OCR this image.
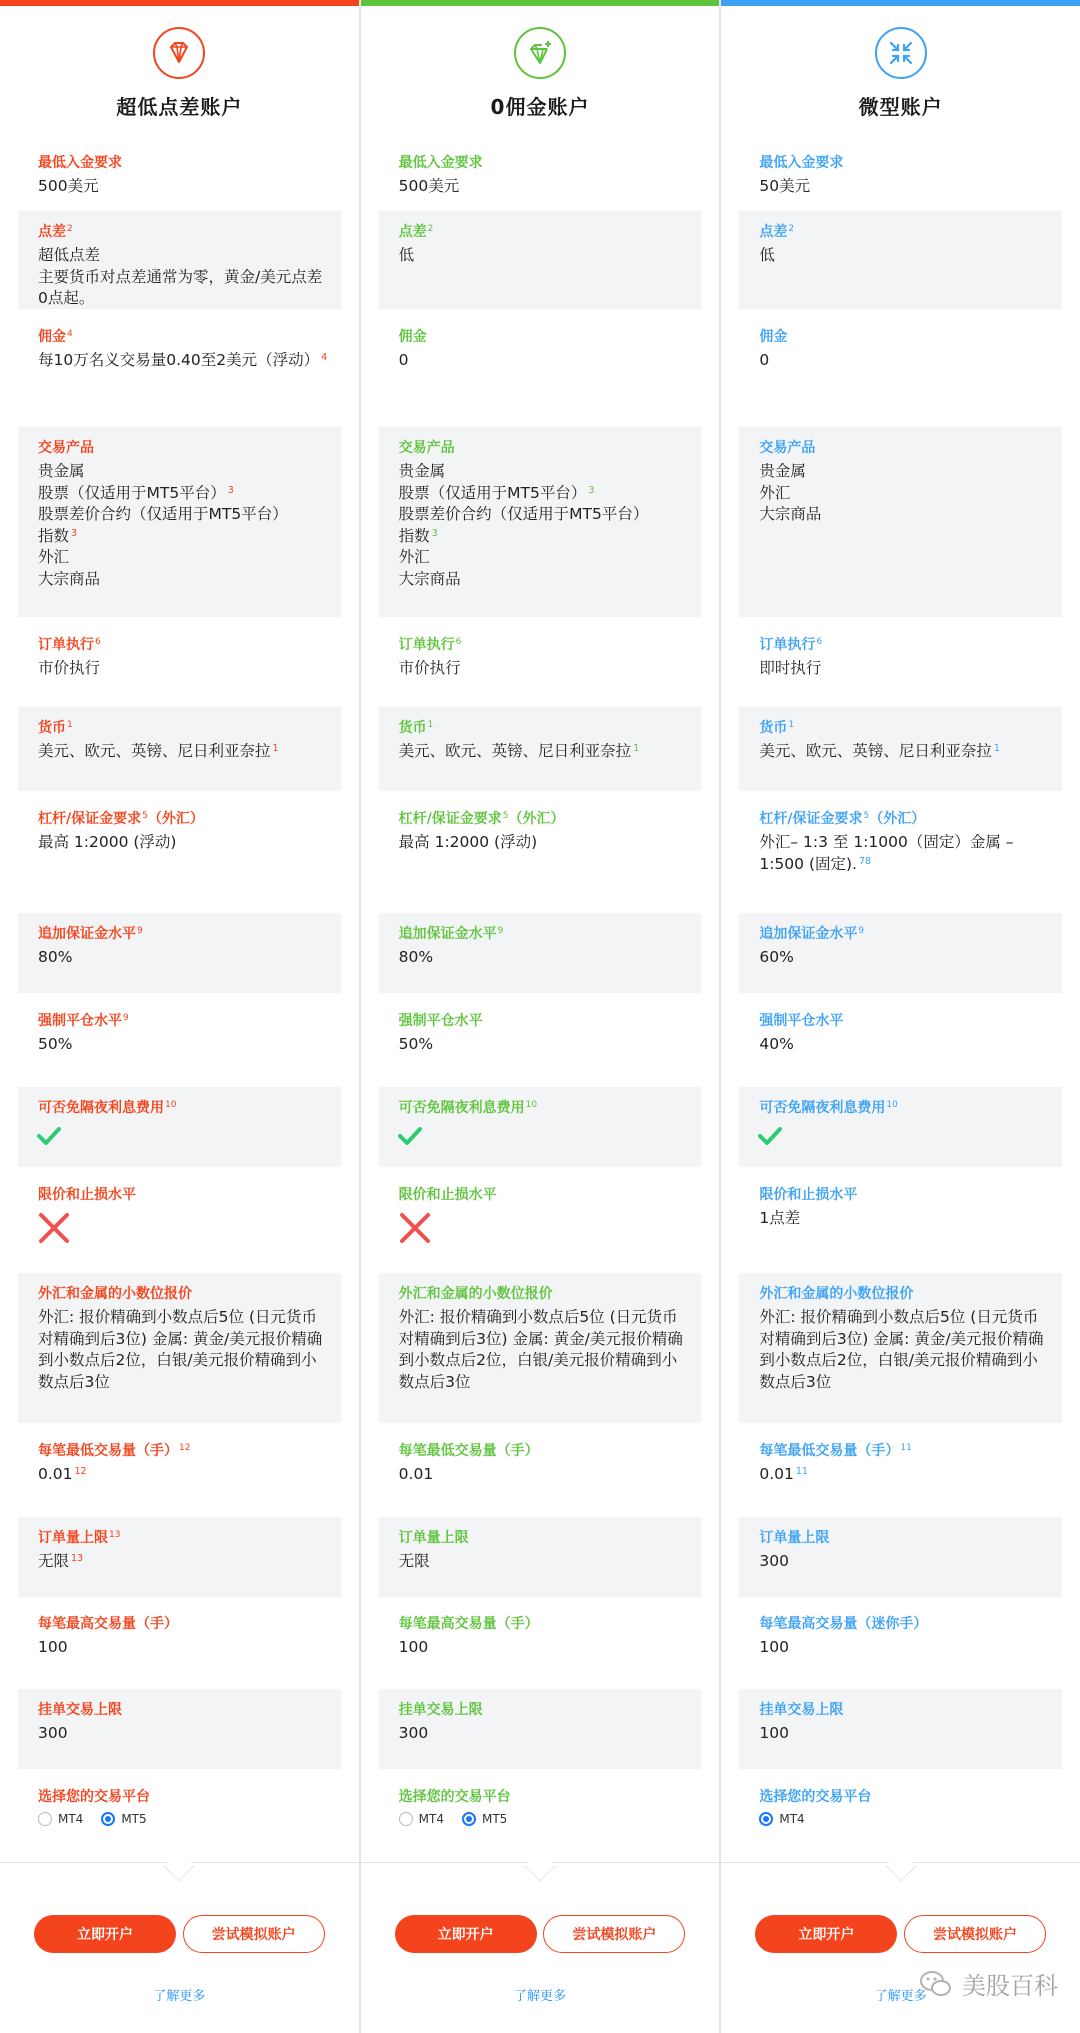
超低点差账户
最低入金要求
500美元
点差$^2$
超低点差
主要货币对点差通常为零，黄金/美元点差0点起。
佣金$^4$
每10万名义交易量0.40至2美元（浮动） $^4$
交易产品
贵金属
股票（仅适用于MT5平台） $^3$
股票差价合约（仅适用于MT5平台）
指数 $^3$
外汇
大宗商品
订单执行$^6$
市价执行
货币$^1$
美元、欧元、英镑、尼日利亚奈拉 $^1$
杠杆/保证金要求$^5$（外汇）
最高 1:2000 (浮动)
追加保证金水平$^9$
80%
强制平仓水平$^9$
50%
可否免隔夜利息费用$^{10}$
限价和止损水平
外汇和金属的小数位报价
外汇: 报价精确到小数点后5位 (日元货币对精确到后3位) 金属: 黄金/美元报价精确到小数点后2位，白银/美元报价精确到小数点后3位
每笔最低交易量（手）$^{12}$
0.01 $^{12}$
订单量上限$^{13}$
无限 $^{13}$
每笔最高交易量（手）
100
挂单交易上限
300
选择您的交易平台
MT4	MT5
立即开户	尝试模拟账户
了解更多
0佣金账户
最低入金要求
500美元
点差$^2$
低
佣金
0
交易产品
贵金属
股票（仅适用于MT5平台） $^3$
股票差价合约（仅适用于MT5平台）
指数 $^3$
外汇
大宗商品
订单执行$^6$
市价执行
货币$^1$
美元、欧元、英镑、尼日利亚奈拉 $^1$
杠杆/保证金要求$^5$（外汇）
最高 1:2000 (浮动)
追加保证金水平$^9$
80%
强制平仓水平
50%
可否免隔夜利息费用$^{10}$
限价和止损水平
外汇和金属的小数位报价
外汇: 报价精确到小数点后5位 (日元货币对精确到后3位) 金属: 黄金/美元报价精确到小数点后2位，白银/美元报价精确到小数点后3位
每笔最低交易量（手）
0.01
订单量上限
无限
每笔最高交易量（手）
100
挂单交易上限
300
选择您的交易平台
MT4	MT5
立即开户	尝试模拟账户
了解更多
微型账户
最低入金要求
50美元
点差$^2$
低
佣金
0
交易产品
贵金属
外汇
大宗商品
订单执行$^6$
即时执行
货币$^1$
美元、欧元、英镑、尼日利亚奈拉 $^1$
杠杆/保证金要求$^5$（外汇）
外汇– 1:3 至 1:1000（固定）金属 – 1:500 (固定). $^{78}$
追加保证金水平$^9$
60%
强制平仓水平
40%
可否免隔夜利息费用$^{10}$
限价和止损水平
1点差
外汇和金属的小数位报价
外汇: 报价精确到小数点后5位 (日元货币对精确到后3位) 金属: 黄金/美元报价精确到小数点后2位，白银/美元报价精确到小数点后3位
每笔最低交易量（手）$^{11}$
0.01 $^{11}$
订单量上限
300
每笔最高交易量（迷你手）
100
挂单交易上限
100
选择您的交易平台
MT4
立即开户	尝试模拟账户
了解更多	美股百科
